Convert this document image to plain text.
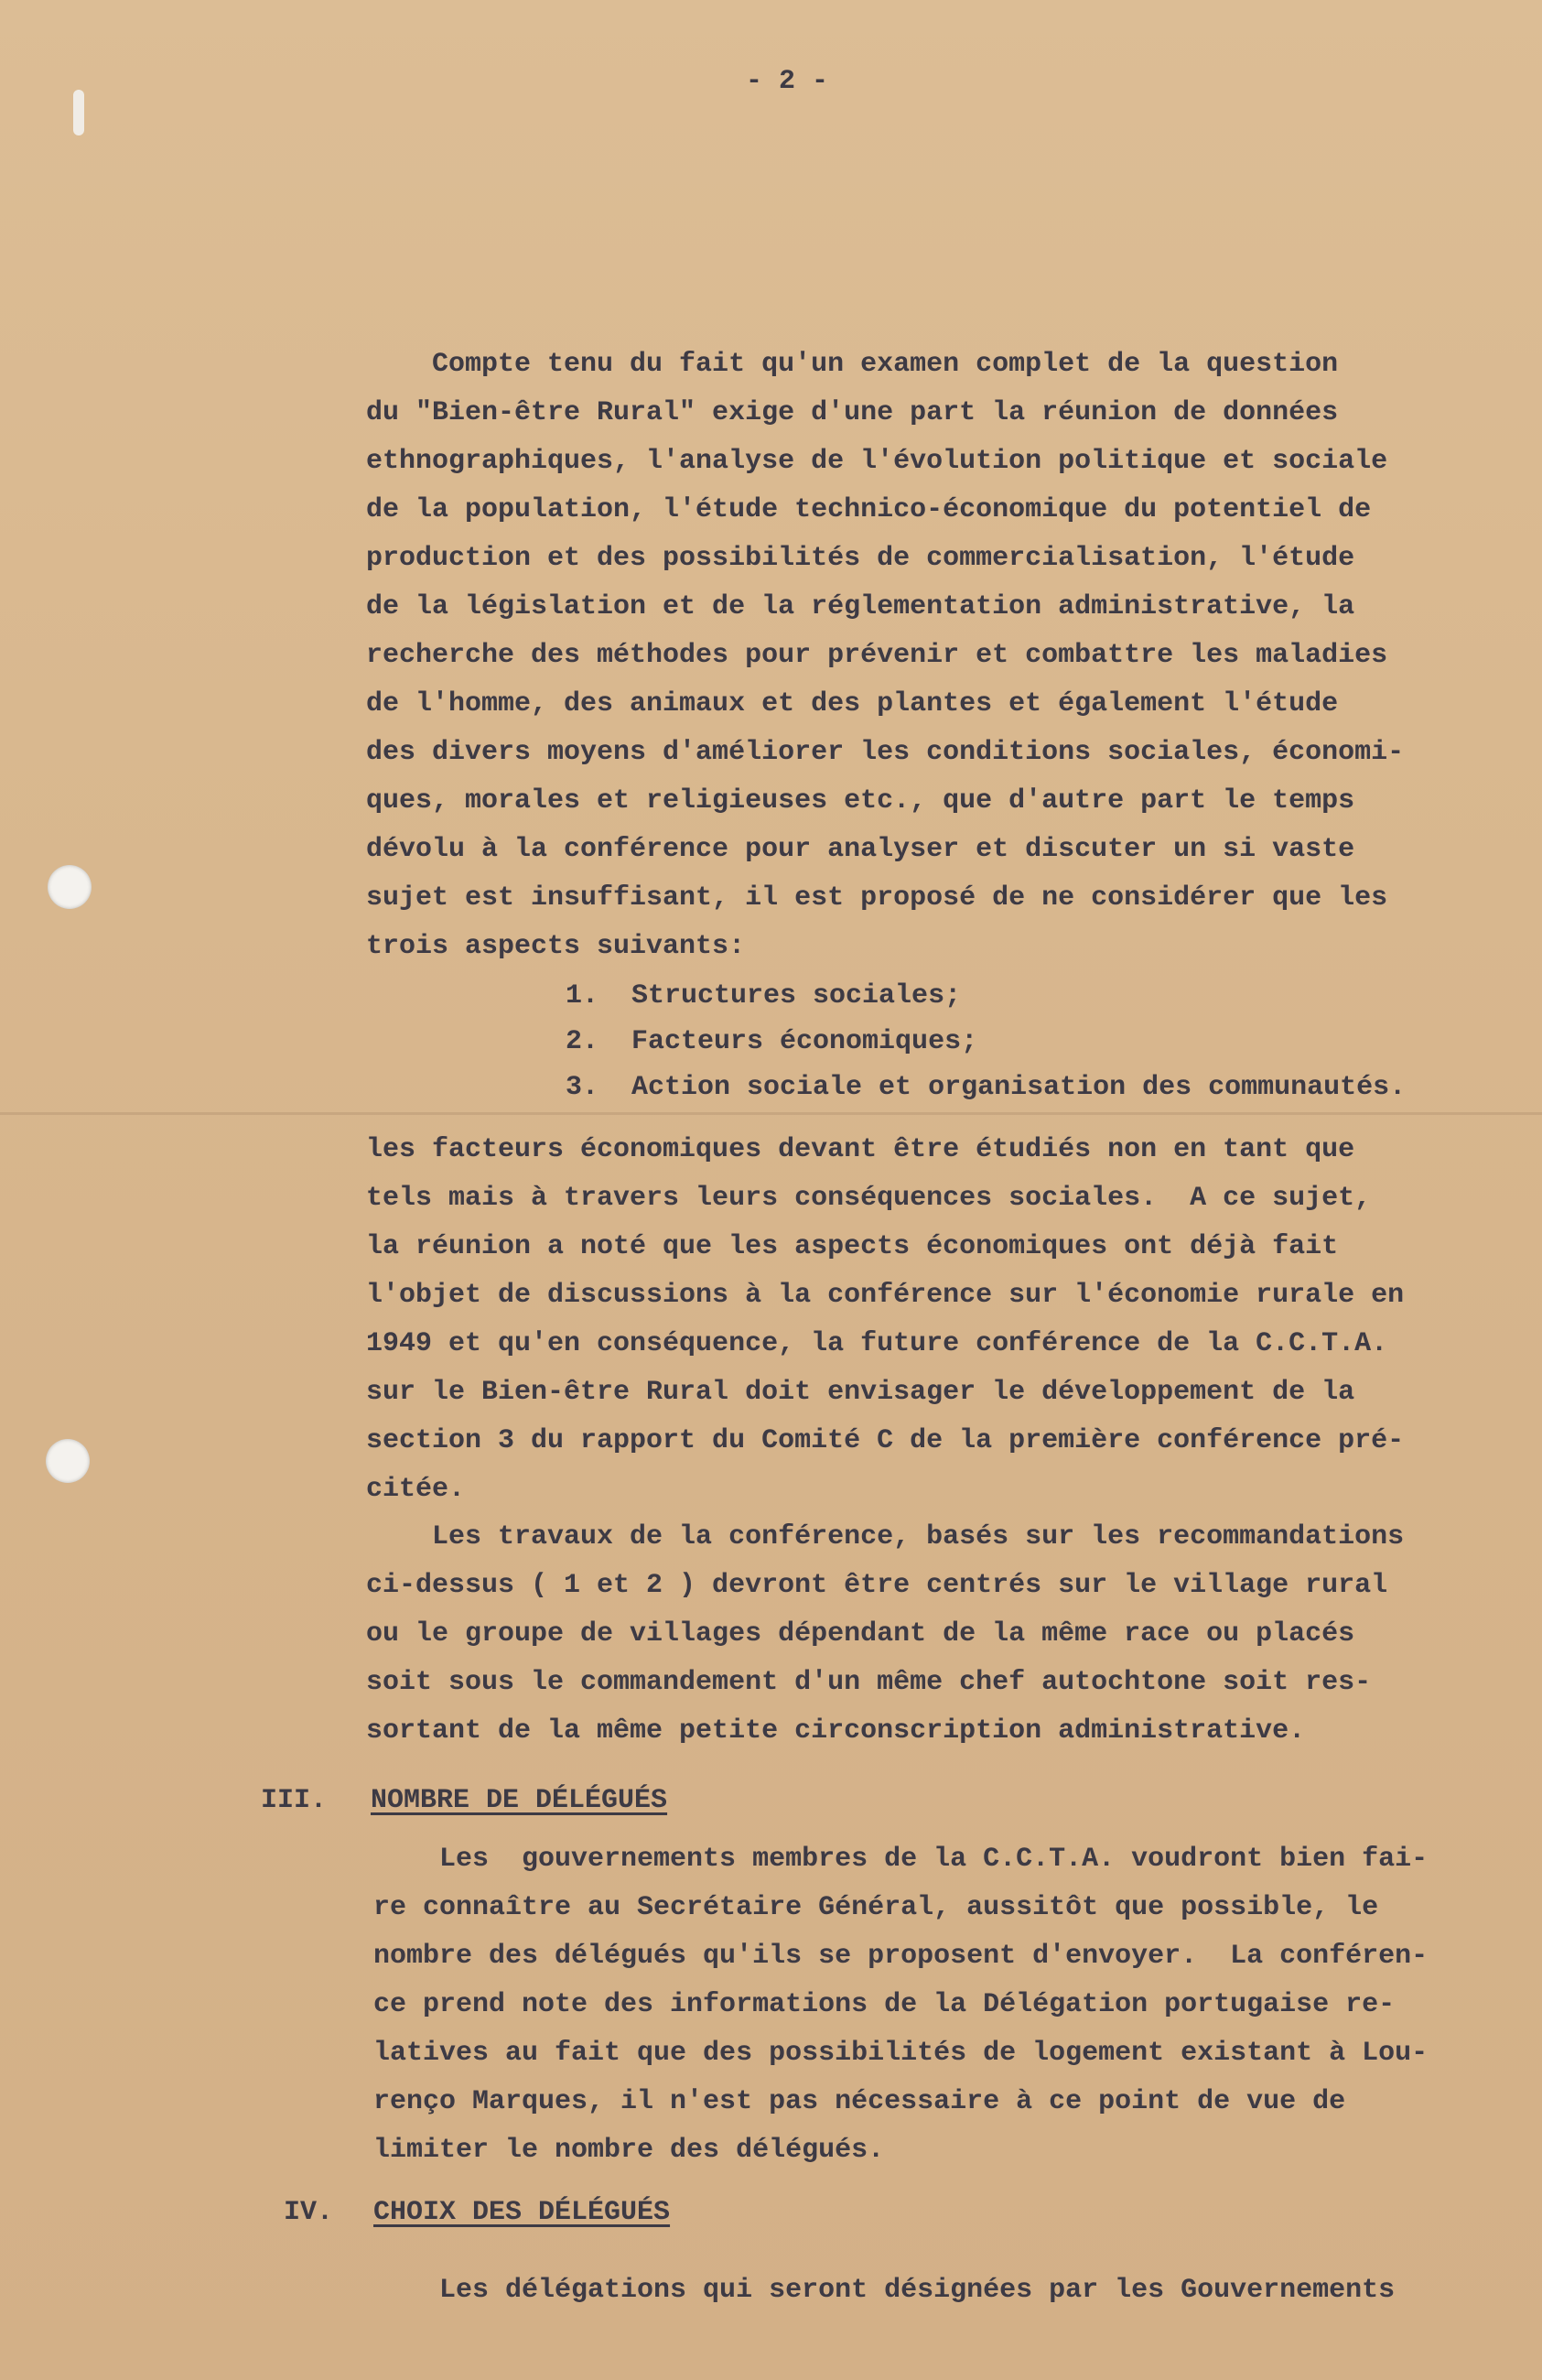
- 2 -
Compte tenu du fait qu'un examen complet de la question
du "Bien-être Rural" exige d'une part la réunion de données
ethnographiques, l'analyse de l'évolution politique et sociale
de la population, l'étude technico-économique du potentiel de
production et des possibilités de commercialisation, l'étude
de la législation et de la réglementation administrative, la
recherche des méthodes pour prévenir et combattre les maladies
de l'homme, des animaux et des plantes et également l'étude
des divers moyens d'améliorer les conditions sociales, économi-
ques, morales et religieuses etc., que d'autre part le temps
dévolu à la conférence pour analyser et discuter un si vaste
sujet est insuffisant, il est proposé de ne considérer que les
trois aspects suivants:
1.  Structures sociales;
2.  Facteurs économiques;
3.  Action sociale et organisation des communautés.
les facteurs économiques devant être étudiés non en tant que
tels mais à travers leurs conséquences sociales.  A ce sujet,
la réunion a noté que les aspects économiques ont déjà fait
l'objet de discussions à la conférence sur l'économie rurale en
1949 et qu'en conséquence, la future conférence de la C.C.T.A.
sur le Bien-être Rural doit envisager le développement de la
section 3 du rapport du Comité C de la première conférence pré-
citée.
Les travaux de la conférence, basés sur les recommandations
ci-dessus ( 1 et 2 ) devront être centrés sur le village rural
ou le groupe de villages dépendant de la même race ou placés
soit sous le commandement d'un même chef autochtone soit res-
sortant de la même petite circonscription administrative.
III. NOMBRE DE DÉLÉGUÉS
Les  gouvernements membres de la C.C.T.A. voudront bien fai-
re connaître au Secrétaire Général, aussitôt que possible, le
nombre des délégués qu'ils se proposent d'envoyer.  La conféren-
ce prend note des informations de la Délégation portugaise re-
latives au fait que des possibilités de logement existant à Lou-
renço Marques, il n'est pas nécessaire à ce point de vue de
limiter le nombre des délégués.
IV. CHOIX DES DÉLÉGUÉS
Les délégations qui seront désignées par les Gouvernements
